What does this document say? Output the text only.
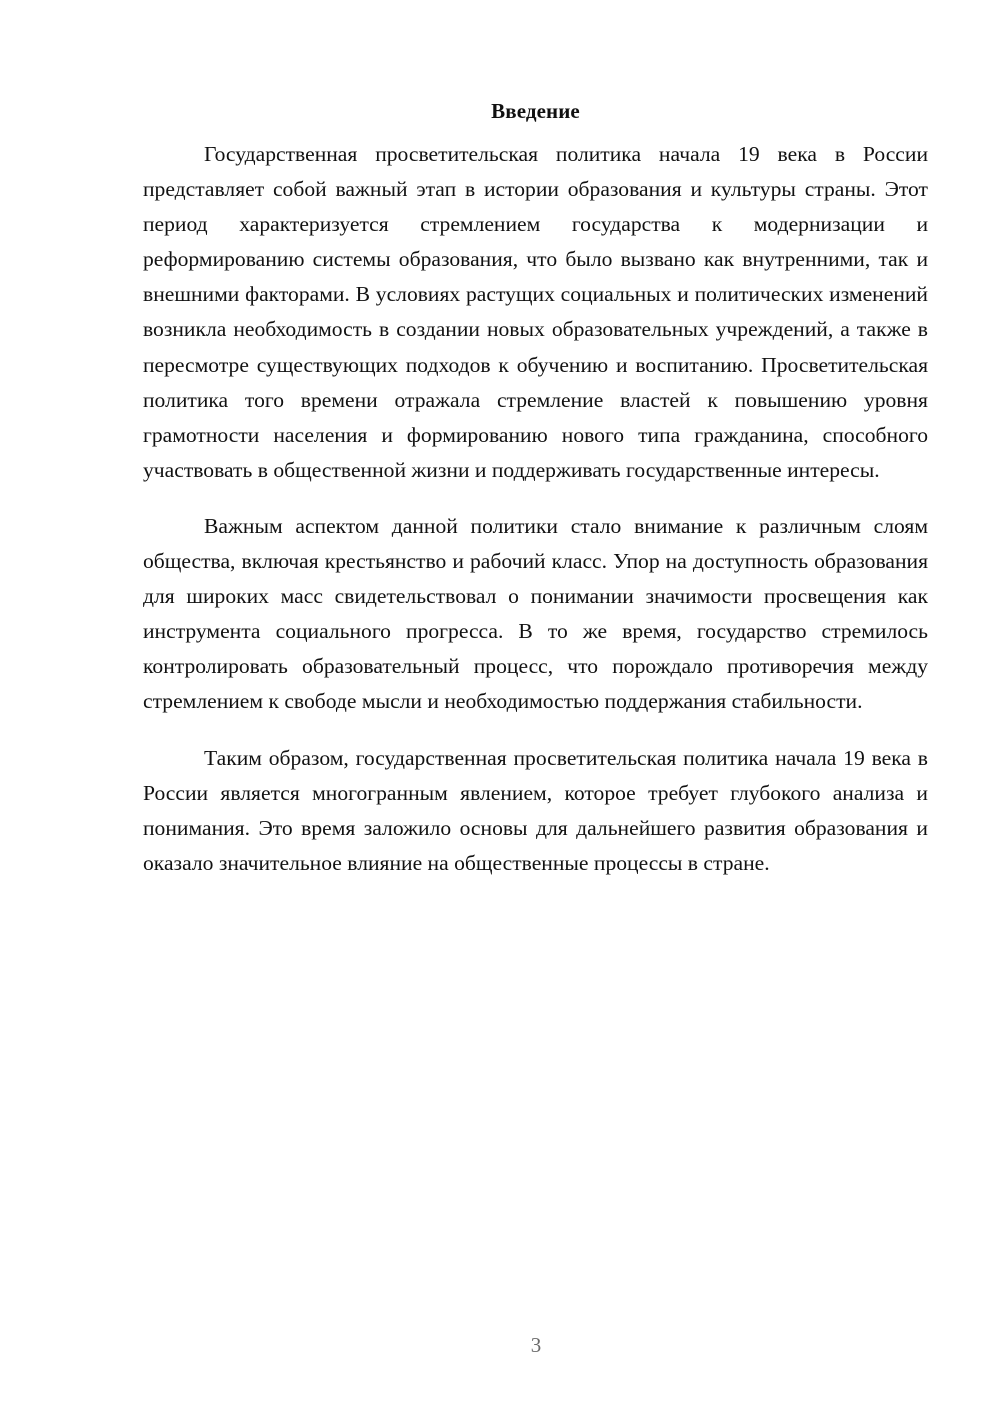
Введение

Государственная просветительская политика начала 19 века в России представляет собой важный этап в истории образования и культуры страны. Этот период характеризуется стремлением государства к модернизации и реформированию системы образования, что было вызвано как внутренними, так и внешними факторами. В условиях растущих социальных и политических изменений возникла необходимость в создании новых образовательных учреждений, а также в пересмотре существующих подходов к обучению и воспитанию. Просветительская политика того времени отражала стремление властей к повышению уровня грамотности населения и формированию нового типа гражданина, способного участвовать в общественной жизни и поддерживать государственные интересы.

Важным аспектом данной политики стало внимание к различным слоям общества, включая крестьянство и рабочий класс. Упор на доступность образования для широких масс свидетельствовал о понимании значимости просвещения как инструмента социального прогресса. В то же время, государство стремилось контролировать образовательный процесс, что порождало противоречия между стремлением к свободе мысли и необходимостью поддержания стабильности.

Таким образом, государственная просветительская политика начала 19 века в России является многогранным явлением, которое требует глубокого анализа и понимания. Это время заложило основы для дальнейшего развития образования и оказало значительное влияние на общественные процессы в стране.

3
